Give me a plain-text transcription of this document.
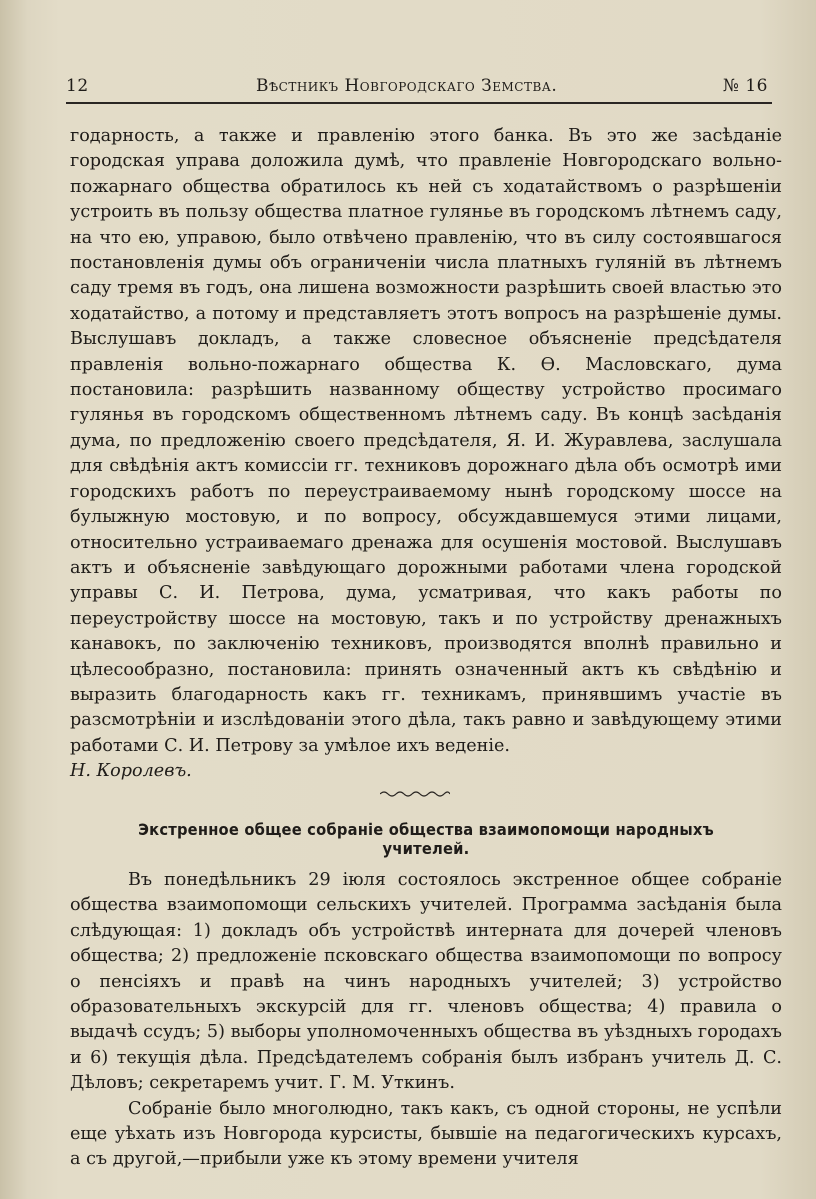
12	Вѣстникъ Новгородскаго Земства.	№ 16

годарность, а также и правленію этого банка. Въ это же засѣданіе городская управа доложила думѣ, что правленіе Новгородскаго вольно-пожарнаго общества обратилось къ ней съ ходатайствомъ о разрѣшеніи устроить въ пользу общества платное гулянье въ городскомъ лѣтнемъ саду, на что ею, управою, было отвѣчено правленію, что въ силу состоявшагося постановленія думы объ ограниченіи числа платныхъ гуляній въ лѣтнемъ саду тремя въ годъ, она лишена возможности разрѣшить своей властью это ходатайство, а потому и представляетъ этотъ вопросъ на разрѣшеніе думы. Выслушавъ докладъ, а также словесное объясненіе предсѣдателя правленія вольно-пожарнаго общества К. Ѳ. Масловскаго, дума постановила: разрѣшить названному обществу устройство просимаго гулянья въ городскомъ общественномъ лѣтнемъ саду. Въ концѣ засѣданія дума, по предложенію своего предсѣдателя, Я. И. Журавлева, заслушала для свѣдѣнія актъ комиссіи гг. техниковъ дорожнаго дѣла объ осмотрѣ ими городскихъ работъ по переустраиваемому нынѣ городскому шоссе на булыжную мостовую, и по вопросу, обсуждавшемуся этими лицами, относительно устраиваемаго дренажа для осушенія мостовой. Выслушавъ актъ и объясненіе завѣдующаго дорожными работами члена городской управы С. И. Петрова, дума, усматривая, что какъ работы по переустройству шоссе на мостовую, такъ и по устройству дренажныхъ канавокъ, по заключенію техниковъ, производятся вполнѣ правильно и цѣлесообразно, постановила: принять означенный актъ къ свѣдѣнію и выразить благодарность какъ гг. техникамъ, принявшимъ участіе въ разсмотрѣніи и изслѣдованіи этого дѣла, такъ равно и завѣдующему этими работами С. И. Петрову за умѣлое ихъ веденіе.

Н. Королевъ.

Экстренное общее собраніе общества взаимопомощи народныхъ учителей.

Въ понедѣльникъ 29 іюля состоялось экстренное общее собраніе общества взаимопомощи сельскихъ учителей. Программа засѣданія была слѣдующая: 1) докладъ объ устройствѣ интерната для дочерей членовъ общества; 2) предложеніе псковскаго общества взаимопомощи по вопросу о пенсіяхъ и правѣ на чинъ народныхъ учителей; 3) устройство образовательныхъ экскурсій для гг. членовъ общества; 4) правила о выдачѣ ссудъ; 5) выборы уполномоченныхъ общества въ уѣздныхъ городахъ и 6) текущія дѣла. Предсѣдателемъ собранія былъ избранъ учитель Д. С. Дѣловъ; секретаремъ учит. Г. М. Уткинъ.

Собраніе было многолюдно, такъ какъ, съ одной стороны, не успѣли еще уѣхать изъ Новгорода курсисты, бывшіе на педагогическихъ курсахъ, а съ другой,—прибыли уже къ этому времени учителя
